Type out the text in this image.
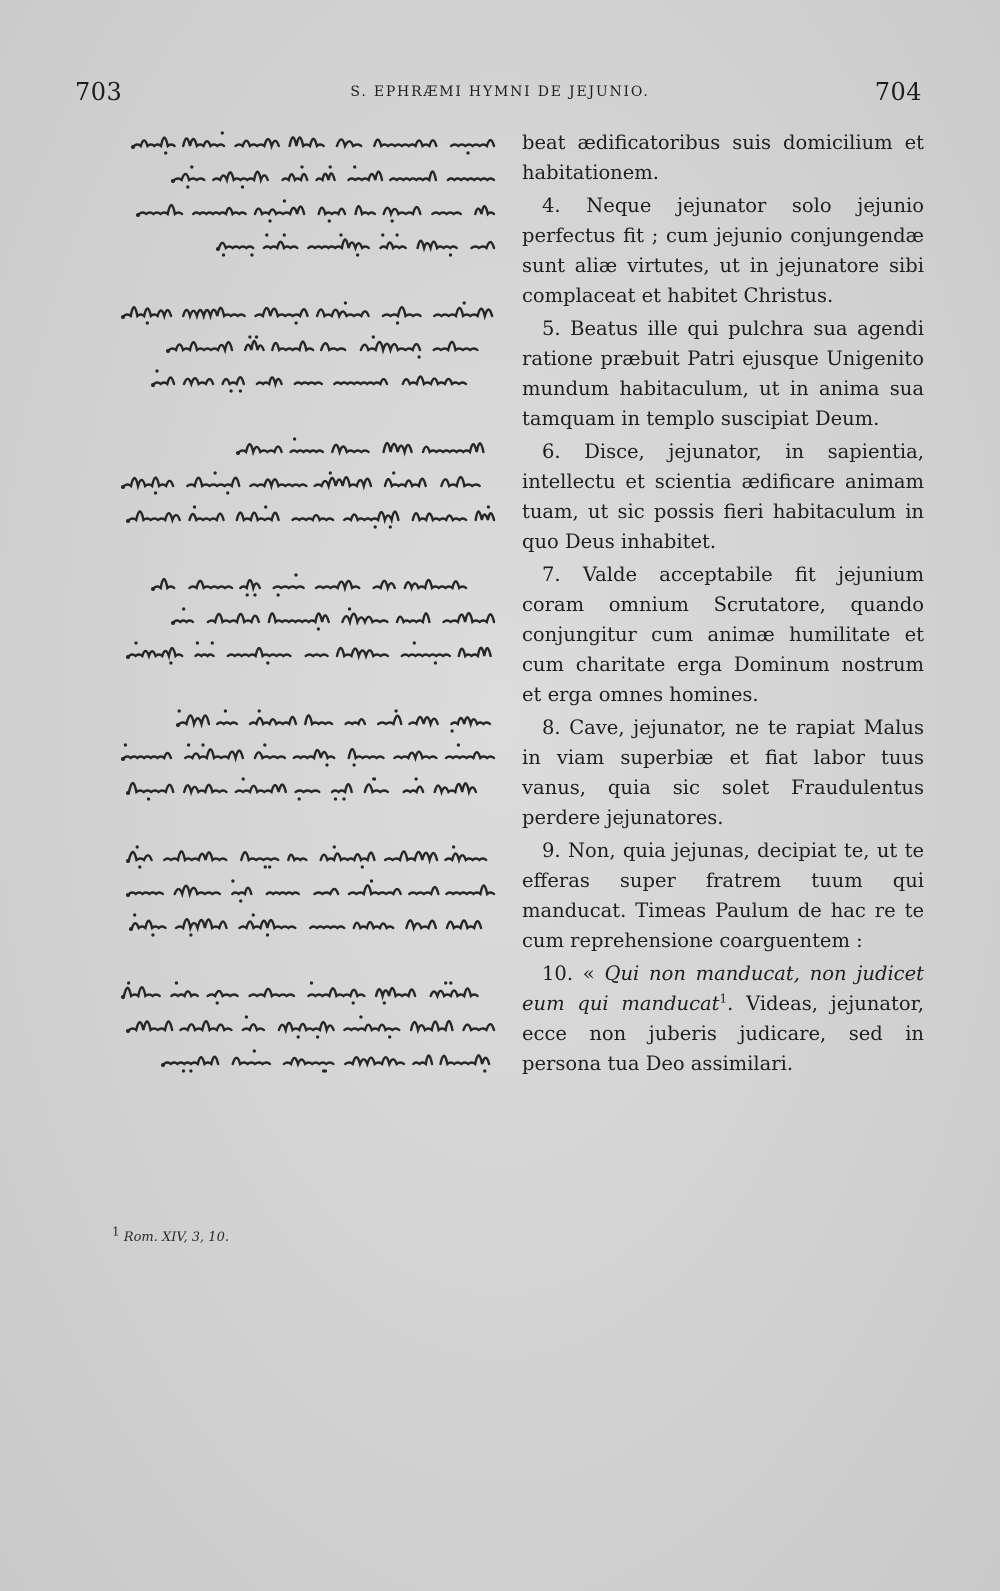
703	S. EPHRÆMI HYMNI DE JEJUNIO.	704

beat ædificatoribus suis domicilium et habitationem.

4. Neque jejunator solo jejunio perfectus fit ; cum jejunio conjungendæ sunt aliæ virtutes, ut in jejunatore sibi complaceat et habitet Christus.

5. Beatus ille qui pulchra sua agendi ratione præbuit Patri ejusque Unigenito mundum habitaculum, ut in anima sua tamquam in templo suscipiat Deum.

6. Disce, jejunator, in sapientia, intellectu et scientia ædificare animam tuam, ut sic possis fieri habitaculum in quo Deus inhabitet.

7. Valde acceptabile fit jejunium coram omnium Scrutatore, quando conjungitur cum animæ humilitate et cum charitate erga Dominum nostrum et erga omnes homines.

8. Cave, jejunator, ne te rapiat Malus in viam superbiæ et fiat labor tuus vanus, quia sic solet Fraudulentus perdere jejunatores.

9. Non, quia jejunas, decipiat te, ut te efferas super fratrem tuum qui manducat. Timeas Paulum de hac re te cum reprehensione coarguentem :

10. « Qui non manducat, non judicet eum qui manducat$^1$. Videas, jejunator, ecce non juberis judicare, sed in persona tua Deo assimilari.

$^1$ Rom. XIV, 3, 10.
